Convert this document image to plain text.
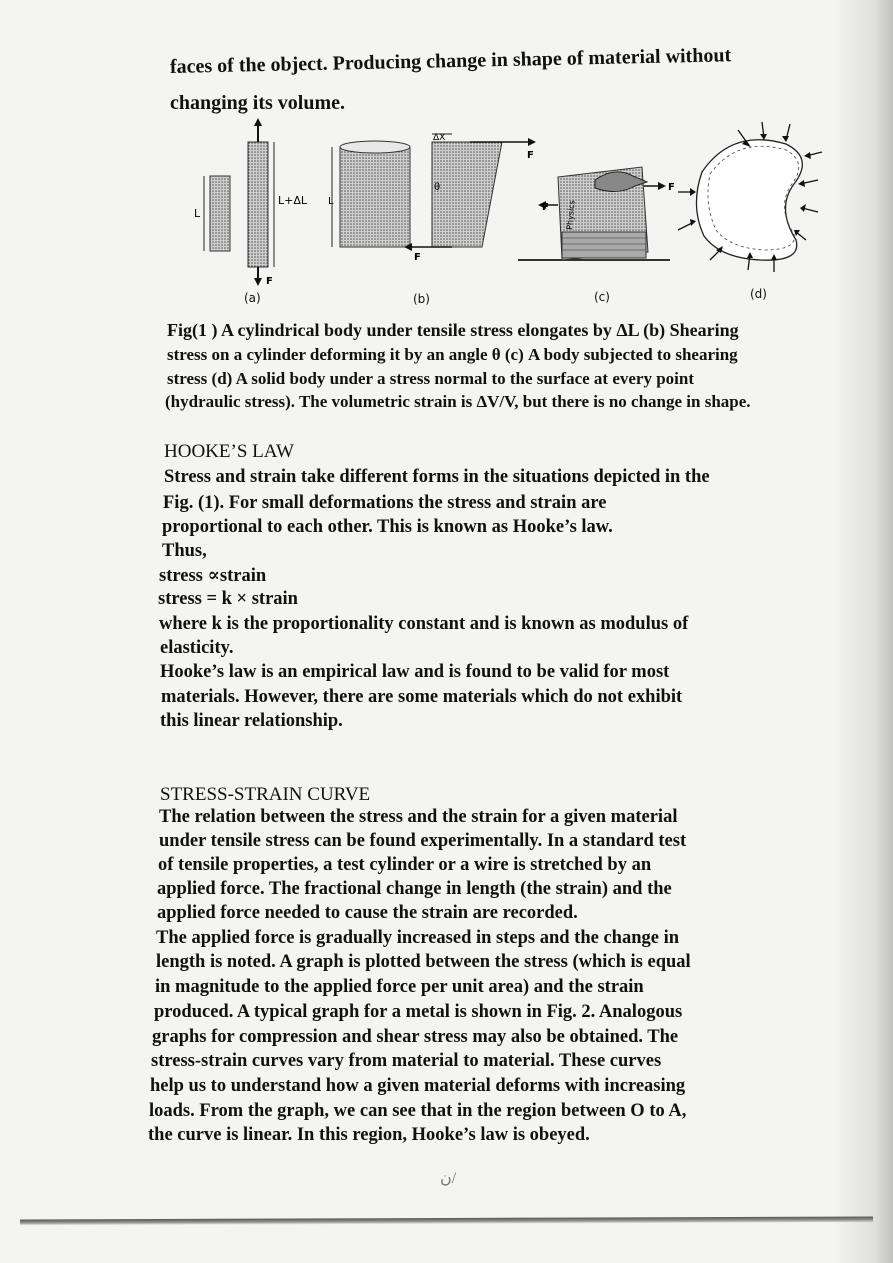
faces of the object. Producing change in shape of material without
changing its volume.
L
L+ΔL
F
L
ΔX
θ
F
F
F
F Physics
(a)	(b)	(c)	(d)
Fig(1 ) A cylindrical body under tensile stress elongates by ΔL (b) Shearing
stress on a cylinder deforming it by an angle θ (c) A body subjected to shearing
stress (d) A solid body under a stress normal to the surface at every point
(hydraulic stress). The volumetric strain is ΔV/V, but there is no change in shape.
HOOKE’S LAW
Stress and strain take different forms in the situations depicted in the
Fig. (1). For small deformations the stress and strain are
proportional to each other. This is known as Hooke’s law.
Thus,
stress ∝strain
stress = k × strain
where k is the proportionality constant and is known as modulus of
elasticity.
Hooke’s law is an empirical law and is found to be valid for most
materials. However, there are some materials which do not exhibit
this linear relationship.
STRESS-STRAIN CURVE
The relation between the stress and the strain for a given material
under tensile stress can be found experimentally. In a standard test
of tensile properties, a test cylinder or a wire is stretched by an
applied force. The fractional change in length (the strain) and the
applied force needed to cause the strain are recorded.
The applied force is gradually increased in steps and the change in
length is noted. A graph is plotted between the stress (which is equal
in magnitude to the applied force per unit area) and the strain
produced. A typical graph for a metal is shown in Fig. 2. Analogous
graphs for compression and shear stress may also be obtained. The
stress-strain curves vary from material to material. These curves
help us to understand how a given material deforms with increasing
loads. From the graph, we can see that in the region between O to A,
the curve is linear. In this region, Hooke’s law is obeyed.
ن/
